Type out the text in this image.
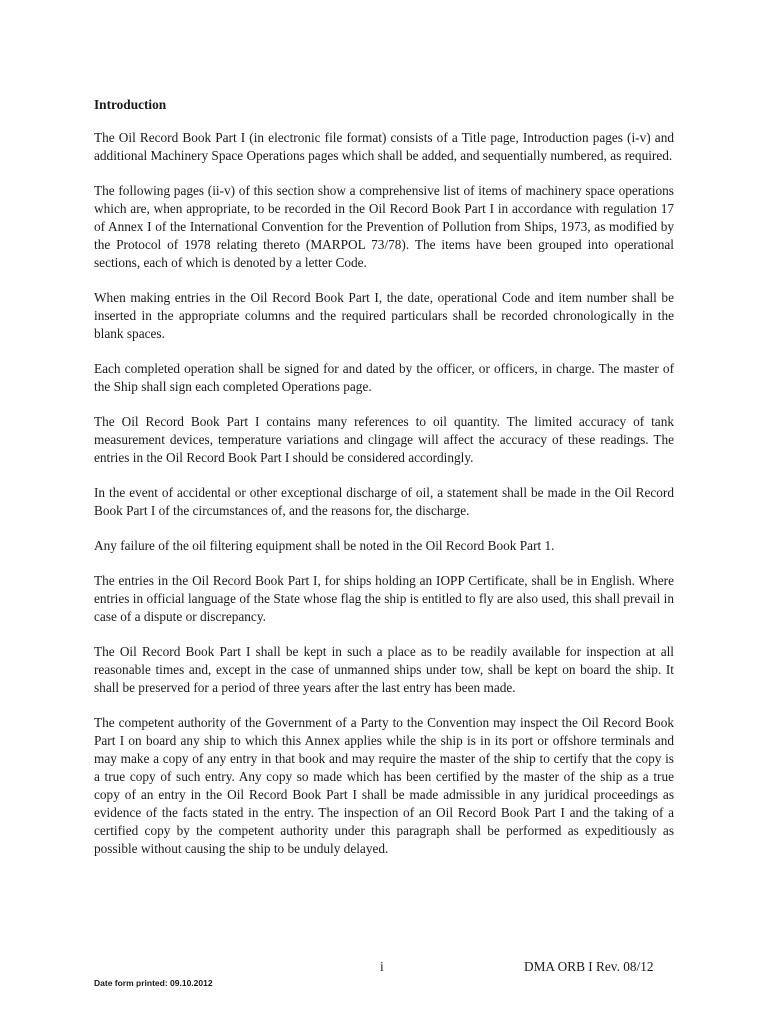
Introduction

The Oil Record Book Part I (in electronic file format) consists of a Title page, Introduction pages (i-v) and additional Machinery Space Operations pages which shall be added, and sequentially numbered, as required.

The following pages (ii-v) of this section show a comprehensive list of items of machinery space operations which are, when appropriate, to be recorded in the Oil Record Book Part I in accordance with regulation 17 of Annex I of the International Convention for the Prevention of Pollution from Ships, 1973, as modified by the Protocol of 1978 relating thereto (MARPOL 73/78). The items have been grouped into operational sections, each of which is denoted by a letter Code.

When making entries in the Oil Record Book Part I, the date, operational Code and item number shall be inserted in the appropriate columns and the required particulars shall be recorded chronologically in the blank spaces.

Each completed operation shall be signed for and dated by the officer, or officers, in charge. The master of the Ship shall sign each completed Operations page.

The Oil Record Book Part I contains many references to oil quantity. The limited accuracy of tank measurement devices, temperature variations and clingage will affect the accuracy of these readings. The entries in the Oil Record Book Part I should be considered accordingly.

In the event of accidental or other exceptional discharge of oil, a statement shall be made in the Oil Record Book Part I of the circumstances of, and the reasons for, the discharge.

Any failure of the oil filtering equipment shall be noted in the Oil Record Book Part 1.

The entries in the Oil Record Book Part I, for ships holding an IOPP Certificate, shall be in English. Where entries in official language of the State whose flag the ship is entitled to fly are also used, this shall prevail in case of a dispute or discrepancy.

The Oil Record Book Part I shall be kept in such a place as to be readily available for inspection at all reasonable times and, except in the case of unmanned ships under tow, shall be kept on board the ship. It shall be preserved for a period of three years after the last entry has been made.

The competent authority of the Government of a Party to the Convention may inspect the Oil Record Book Part I on board any ship to which this Annex applies while the ship is in its port or offshore terminals and may make a copy of any entry in that book and may require the master of the ship to certify that the copy is a true copy of such entry. Any copy so made which has been certified by the master of the ship as a true copy of an entry in the Oil Record Book Part I shall be made admissible in any juridical proceedings as evidence of the facts stated in the entry. The inspection of an Oil Record Book Part I and the taking of a certified copy by the competent authority under this paragraph shall be performed as expeditiously as possible without causing the ship to be unduly delayed.

i	DMA ORB I Rev. 08/12
Date form printed: 09.10.2012
